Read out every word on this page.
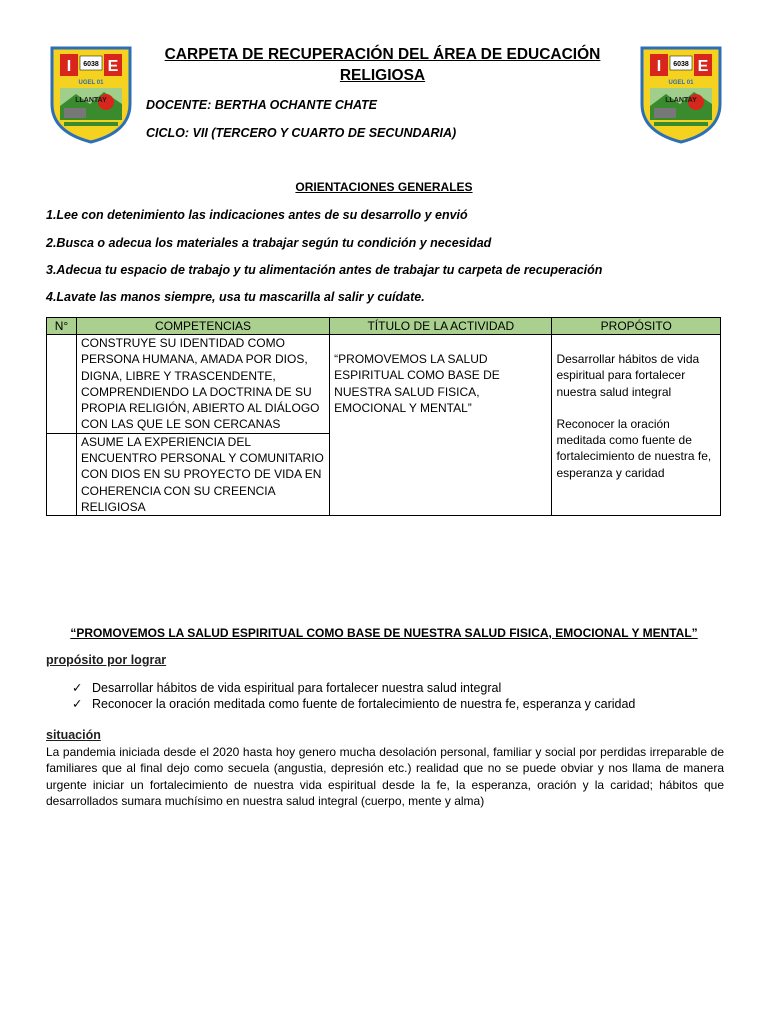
I E
6038
UGEL 01
LLANTAY
I E
6038
UGEL 01
LLANTAY
CARPETA DE RECUPERACIÓN DEL ÁREA DE EDUCACIÓN
RELIGIOSA
DOCENTE: BERTHA OCHANTE CHATE
CICLO: VII (TERCERO Y CUARTO DE SECUNDARIA)
ORIENTACIONES GENERALES
1.Lee con detenimiento las indicaciones antes de su desarrollo y envió
2.Busca o adecua los materiales a trabajar según tu condición y necesidad
3.Adecua tu espacio de trabajo y tu alimentación antes de trabajar tu carpeta de recuperación
4.Lavate las manos siempre, usa tu mascarilla al salir y cuídate.
N°	COMPETENCIAS	TÍTULO DE LA ACTIVIDAD	PROPÓSITO
	CONSTRUYE SU IDENTIDAD COMO PERSONA HUMANA, AMADA POR DIOS, DIGNA, LIBRE Y TRASCENDENTE, COMPRENDIENDO LA DOCTRINA DE SU PROPIA RELIGIÓN, ABIERTO AL DIÁLOGO CON LAS QUE LE SON CERCANAS	“PROMOVEMOS LA SALUD ESPIRITUAL COMO BASE DE NUESTRA SALUD FISICA, EMOCIONAL Y MENTAL”	Desarrollar hábitos de vida espiritual para fortalecer nuestra salud integral
Reconocer la oración meditada como fuente de fortalecimiento de nuestra fe, esperanza y caridad

	ASUME LA EXPERIENCIA DEL ENCUENTRO PERSONAL Y COMUNITARIO CON DIOS EN SU PROYECTO DE VIDA EN COHERENCIA CON SU CREENCIA RELIGIOSA		
“PROMOVEMOS LA SALUD ESPIRITUAL COMO BASE DE NUESTRA SALUD FISICA, EMOCIONAL Y MENTAL”
propósito por lograr
✓ Desarrollar hábitos de vida espiritual para fortalecer nuestra salud integral
✓ Reconocer la oración meditada como fuente de fortalecimiento de nuestra fe, esperanza y caridad
situación
La pandemia iniciada desde el 2020 hasta hoy genero mucha desolación personal, familiar y social por perdidas irreparable de familiares que al final dejo como secuela (angustia, depresión etc.) realidad que no se puede obviar y nos llama de manera urgente iniciar un fortalecimiento de nuestra vida espiritual desde la fe, la esperanza, oración y la caridad; hábitos que desarrollados sumara muchísimo en nuestra salud integral (cuerpo, mente y alma)
